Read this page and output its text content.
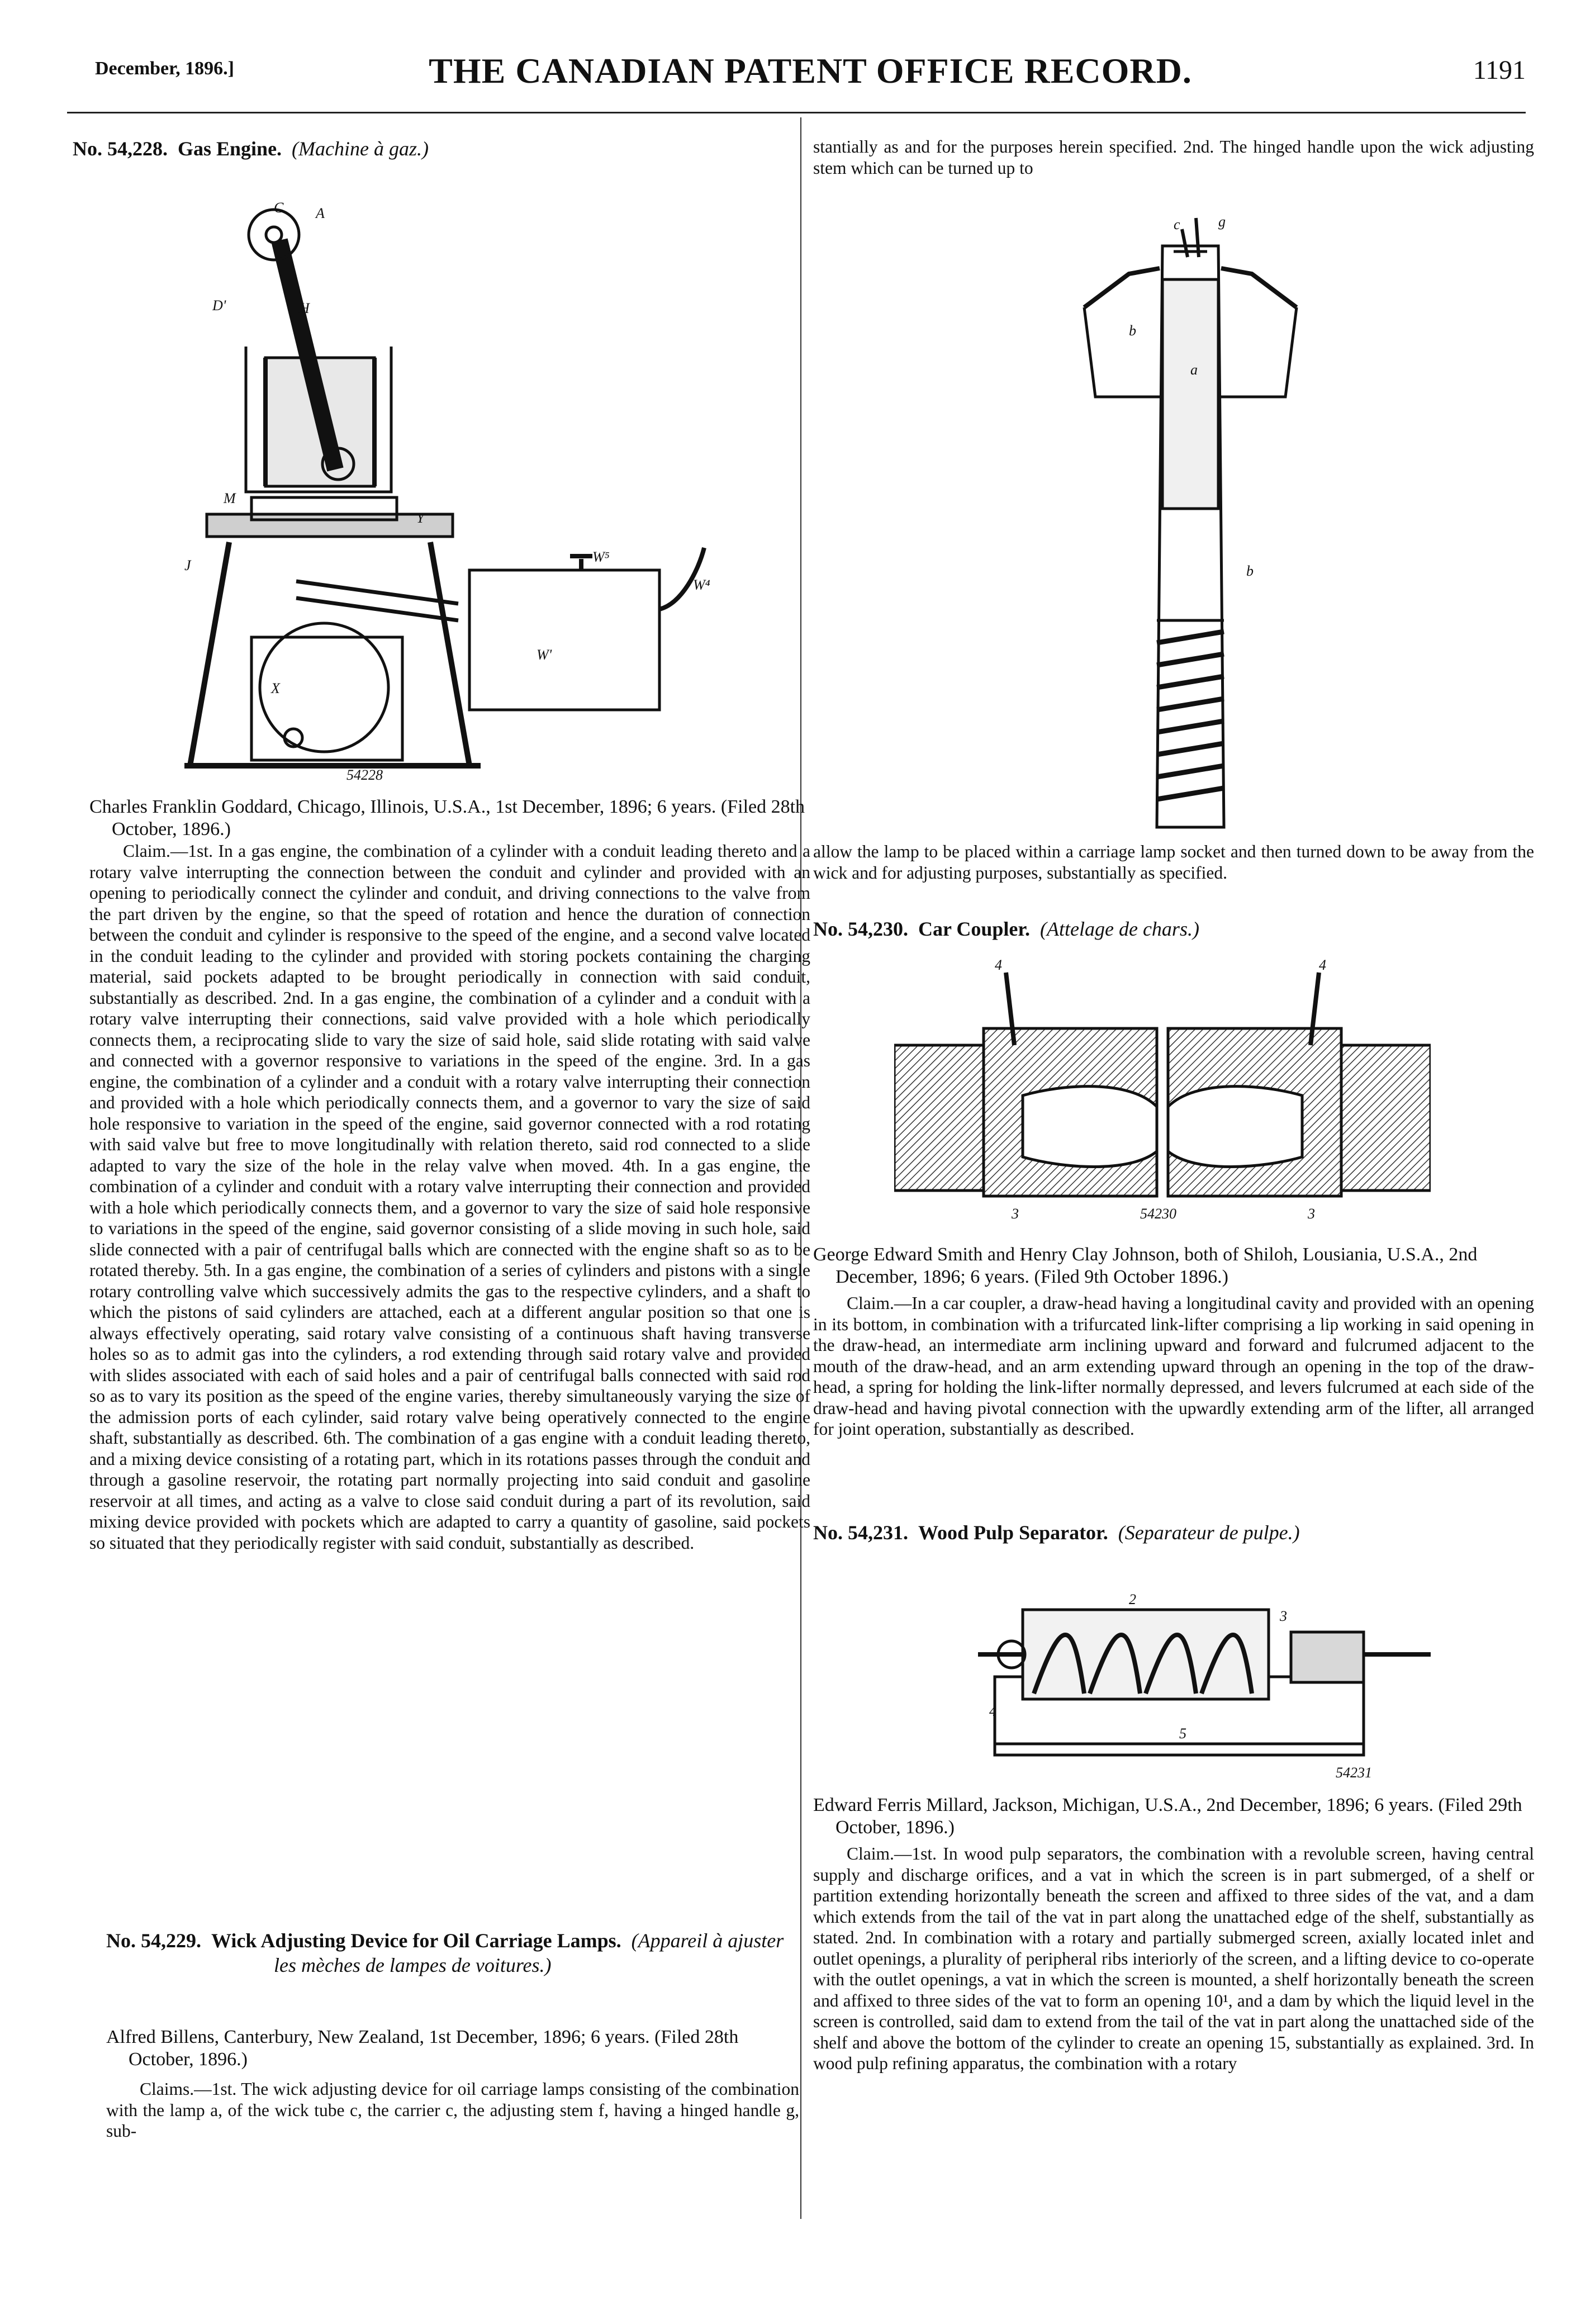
December, 1896.]	THE CANADIAN PATENT OFFICE RECORD.	1191

No. 54,228. Gas Engine. (Machine à gaz.)

C A
D'	H
M
Y
J
W⁵
W⁴
W'
X
54228

Charles Franklin Goddard, Chicago, Illinois, U.S.A., 1st December, 1896; 6 years. (Filed 28th October, 1896.)

Claim.—1st. In a gas engine, the combination of a cylinder with a conduit leading thereto and a rotary valve interrupting the connection between the conduit and cylinder and provided with an opening to periodically connect the cylinder and conduit, and driving connections to the valve from the part driven by the engine, so that the speed of rotation and hence the duration of connection between the conduit and cylinder is responsive to the speed of the engine, and a second valve located in the conduit leading to the cylinder and provided with storing pockets containing the charging material, said pockets adapted to be brought periodically in connection with said conduit, substantially as described. 2nd. In a gas engine, the combination of a cylinder and a conduit with a rotary valve interrupting their connections, said valve provided with a hole which periodically connects them, a reciprocating slide to vary the size of said hole, said slide rotating with said valve and connected with a governor responsive to variations in the speed of the engine. 3rd. In a gas engine, the combination of a cylinder and a conduit with a rotary valve interrupting their connection and provided with a hole which periodically connects them, and a governor to vary the size of said hole responsive to variation in the speed of the engine, said governor connected with a rod rotating with said valve but free to move longitudinally with relation thereto, said rod connected to a slide adapted to vary the size of the hole in the relay valve when moved. 4th. In a gas engine, the combination of a cylinder and conduit with a rotary valve interrupting their connection and provided with a hole which periodically connects them, and a governor to vary the size of said hole responsive to variations in the speed of the engine, said governor consisting of a slide moving in such hole, said slide connected with a pair of centrifugal balls which are connected with the engine shaft so as to be rotated thereby. 5th. In a gas engine, the combination of a series of cylinders and pistons with a single rotary controlling valve which successively admits the gas to the respective cylinders, and a shaft to which the pistons of said cylinders are attached, each at a different angular position so that one is always effectively operating, said rotary valve consisting of a continuous shaft having transverse holes so as to admit gas into the cylinders, a rod extending through said rotary valve and provided with slides associated with each of said holes and a pair of centrifugal balls connected with said rod so as to vary its position as the speed of the engine varies, thereby simultaneously varying the size of the admission ports of each cylinder, said rotary valve being operatively connected to the engine shaft, substantially as described. 6th. The combination of a gas engine with a conduit leading thereto, and a mixing device consisting of a rotating part, which in its rotations passes through the conduit and through a gasoline reservoir, the rotating part normally projecting into said conduit and gasoline reservoir at all times, and acting as a valve to close said conduit during a part of its revolution, said mixing device provided with pockets which are adapted to carry a quantity of gasoline, said pockets so situated that they periodically register with said conduit, substantially as described.

No. 54,229. Wick Adjusting Device for Oil Carriage Lamps. (Appareil à ajuster les mèches de lampes de voitures.)

Alfred Billens, Canterbury, New Zealand, 1st December, 1896; 6 years. (Filed 28th October, 1896.)

Claims.—1st. The wick adjusting device for oil carriage lamps consisting of the combination with the lamp a, of the wick tube c, the carrier c, the adjusting stem f, having a hinged handle g, sub-

stantially as and for the purposes herein specified. 2nd. The hinged handle upon the wick adjusting stem which can be turned up to

c	g
b
a
b

allow the lamp to be placed within a carriage lamp socket and then turned down to be away from the wick and for adjusting purposes, substantially as specified.

No. 54,230. Car Coupler. (Attelage de chars.)

4	4
3	3
54230

George Edward Smith and Henry Clay Johnson, both of Shiloh, Lousiania, U.S.A., 2nd December, 1896; 6 years. (Filed 9th October 1896.)

Claim.—In a car coupler, a draw-head having a longitudinal cavity and provided with an opening in its bottom, in combination with a trifurcated link-lifter comprising a lip working in said opening in the draw-head, an intermediate arm inclining upward and forward and fulcrumed adjacent to the mouth of the draw-head, and an arm extending upward through an opening in the top of the draw-head, a spring for holding the link-lifter normally depressed, and levers fulcrumed at each side of the draw-head and having pivotal connection with the upwardly extending arm of the lifter, all arranged for joint operation, substantially as described.

No. 54,231. Wood Pulp Separator. (Separateur de pulpe.)

2
3
4
5
54231

Edward Ferris Millard, Jackson, Michigan, U.S.A., 2nd December, 1896; 6 years. (Filed 29th October, 1896.)

Claim.—1st. In wood pulp separators, the combination with a revoluble screen, having central supply and discharge orifices, and a vat in which the screen is in part submerged, of a shelf or partition extending horizontally beneath the screen and affixed to three sides of the vat, and a dam which extends from the tail of the vat in part along the unattached edge of the shelf, substantially as stated. 2nd. In combination with a rotary and partially submerged screen, axially located inlet and outlet openings, a plurality of peripheral ribs interiorly of the screen, and a lifting device to co-operate with the outlet openings, a vat in which the screen is mounted, a shelf horizontally beneath the screen and affixed to three sides of the vat to form an opening 10¹, and a dam by which the liquid level in the screen is controlled, said dam to extend from the tail of the vat in part along the unattached side of the shelf and above the bottom of the cylinder to create an opening 15, substantially as explained. 3rd. In wood pulp refining apparatus, the combination with a rotary
